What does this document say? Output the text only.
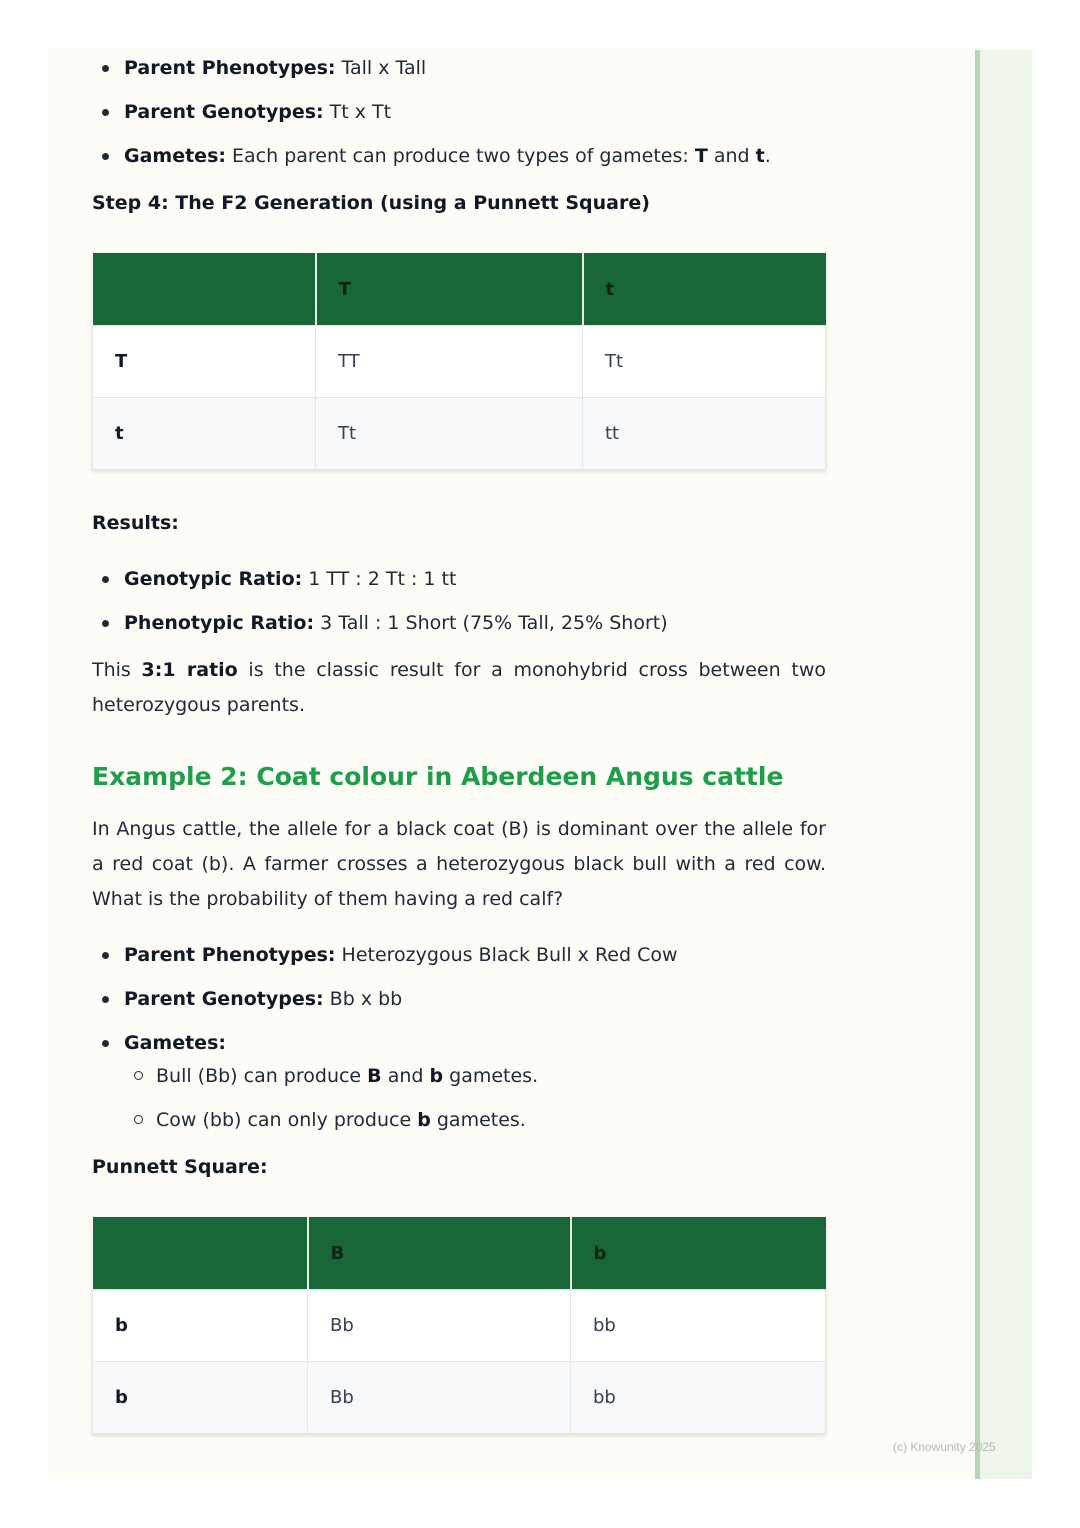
Parent Phenotypes: Tall x Tall
Parent Genotypes: Tt x Tt
Gametes: Each parent can produce two types of gametes: T and t.

Step 4: The F2 Generation (using a Punnett Square)

	T	t
T	TT	Tt
t	Tt	tt

Results:

Genotypic Ratio: 1 TT : 2 Tt : 1 tt
Phenotypic Ratio: 3 Tall : 1 Short (75% Tall, 25% Short)

This 3:1 ratio is the classic result for a monohybrid cross between two heterozygous parents.

Example 2: Coat colour in Aberdeen Angus cattle

In Angus cattle, the allele for a black coat (B) is dominant over the allele for a red coat (b). A farmer crosses a heterozygous black bull with a red cow. What is the probability of them having a red calf?

Parent Phenotypes: Heterozygous Black Bull x Red Cow
Parent Genotypes: Bb x bb
Gametes:
Bull (Bb) can produce B and b gametes.
Cow (bb) can only produce b gametes.

Punnett Square:

	B	b
b	Bb	bb
b	Bb	bb
(c) Knowunity 2025
